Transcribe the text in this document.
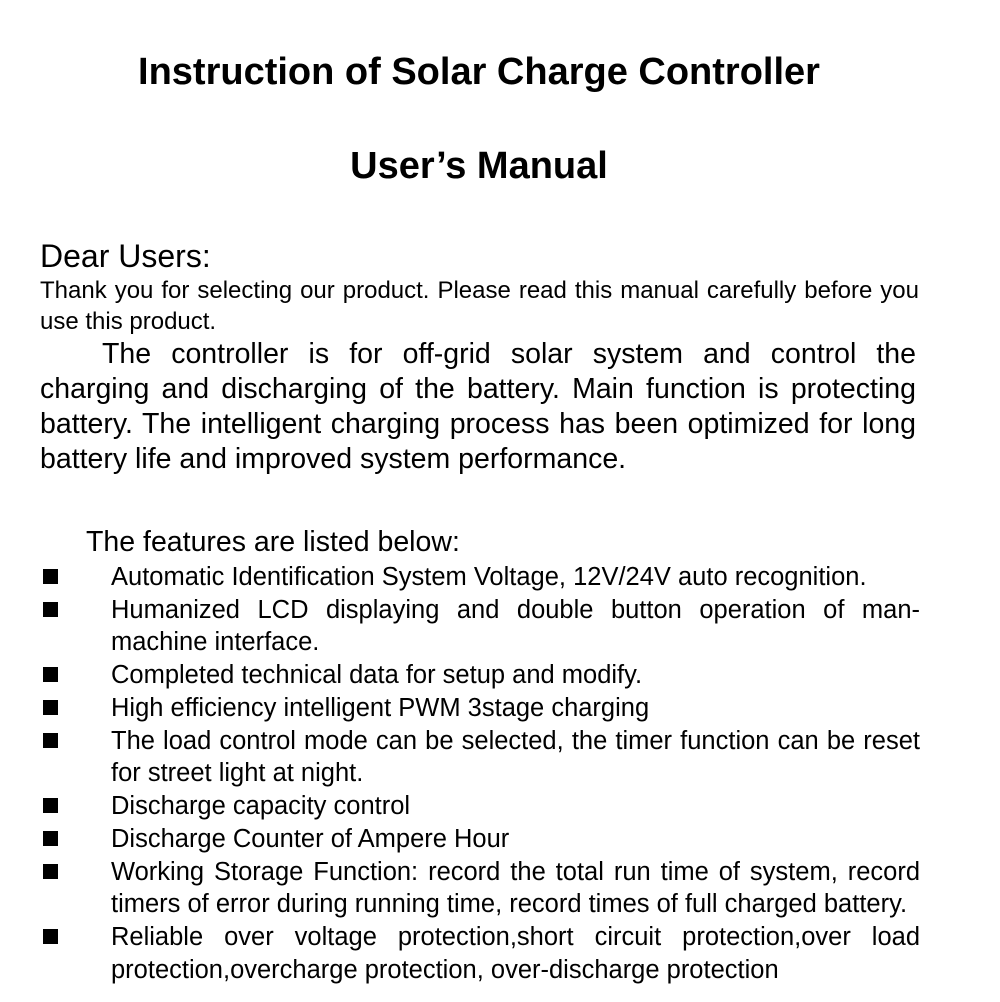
Instruction of Solar Charge Controller
User’s Manual

Dear Users:

Thank you for selecting our product. Please read this manual carefully before you use this product.

The controller is for off-grid solar system and control the charging and discharging of the battery. Main function is protecting battery. The intelligent charging process has been optimized for long battery life and improved system performance.

The features are listed below:

Automatic Identification System Voltage, 12V/24V auto recognition.
Humanized LCD displaying and double button operation of man-machine interface.
Completed technical data for setup and modify.
High efficiency intelligent PWM 3stage charging
The load control mode can be selected, the timer function can be reset for street light at night.
Discharge capacity control
Discharge Counter of Ampere Hour
Working Storage Function: record the total run time of system, record timers of error during running time, record times of full charged battery.
Reliable over voltage protection,short circuit protection,over load protection,overcharge protection, over-discharge protection
